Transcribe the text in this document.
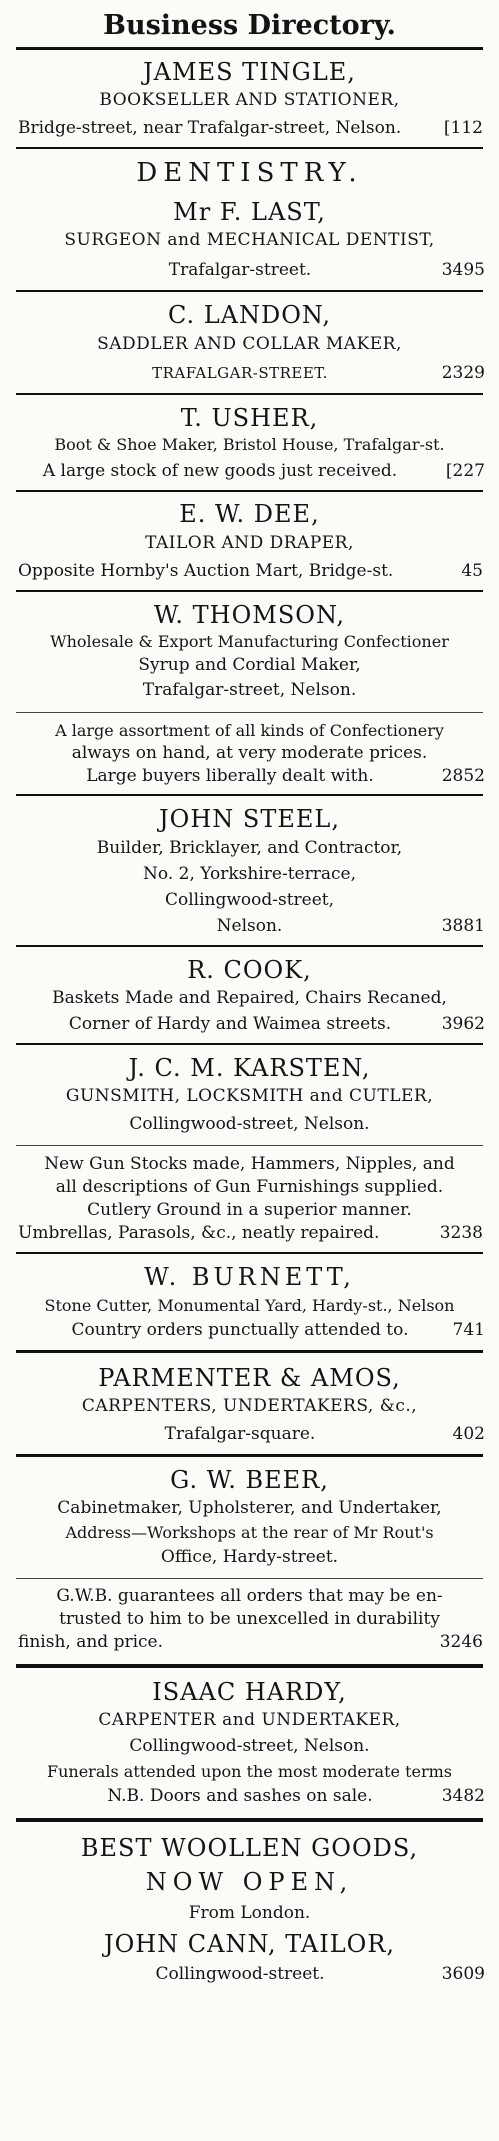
Business Directory.
JAMES TINGLE,
BOOKSELLER AND STATIONER,
Bridge-street, near Trafalgar-street, Nelson.	[112
DENTISTRY.
Mr F. LAST,
SURGEON and MECHANICAL DENTIST,
Trafalgar-street.	3495
C. LANDON,
SADDLER AND COLLAR MAKER,
TRAFALGAR-STREET.	2329
T. USHER,
Boot & Shoe Maker, Bristol House, Trafalgar-st.
A large stock of new goods just received.	[227
E. W. DEE,
TAILOR AND DRAPER,
Opposite Hornby's Auction Mart, Bridge-st.	45
W. THOMSON,
Wholesale & Export Manufacturing Confectioner
Syrup and Cordial Maker,
Trafalgar-street, Nelson.
A large assortment of all kinds of Confectionery
always on hand, at very moderate prices.
Large buyers liberally dealt with.	2852
JOHN STEEL,
Builder, Bricklayer, and Contractor,
No. 2, Yorkshire-terrace,
Collingwood-street,
Nelson.	3881
R. COOK,
Baskets Made and Repaired, Chairs Recaned,
Corner of Hardy and Waimea streets.	3962
J. C. M. KARSTEN,
GUNSMITH, LOCKSMITH and CUTLER,
Collingwood-street, Nelson.
New Gun Stocks made, Hammers, Nipples, and
all descriptions of Gun Furnishings supplied.
Cutlery Ground in a superior manner.
Umbrellas, Parasols, &c., neatly repaired.	3238
W. BURNETT,
Stone Cutter, Monumental Yard, Hardy-st., Nelson
Country orders punctually attended to.	741
PARMENTER & AMOS,
CARPENTERS, UNDERTAKERS, &c.,
Trafalgar-square.	402
G. W. BEER,
Cabinetmaker, Upholsterer, and Undertaker,
Address—Workshops at the rear of Mr Rout's
Office, Hardy-street.
G.W.B. guarantees all orders that may be en-
trusted to him to be unexcelled in durability
finish, and price.	3246
ISAAC HARDY,
CARPENTER and UNDERTAKER,
Collingwood-street, Nelson.
Funerals attended upon the most moderate terms
N.B. Doors and sashes on sale.	3482
BEST WOOLLEN GOODS,
NOW OPEN,
From London.
JOHN CANN, TAILOR,
Collingwood-street.	3609
